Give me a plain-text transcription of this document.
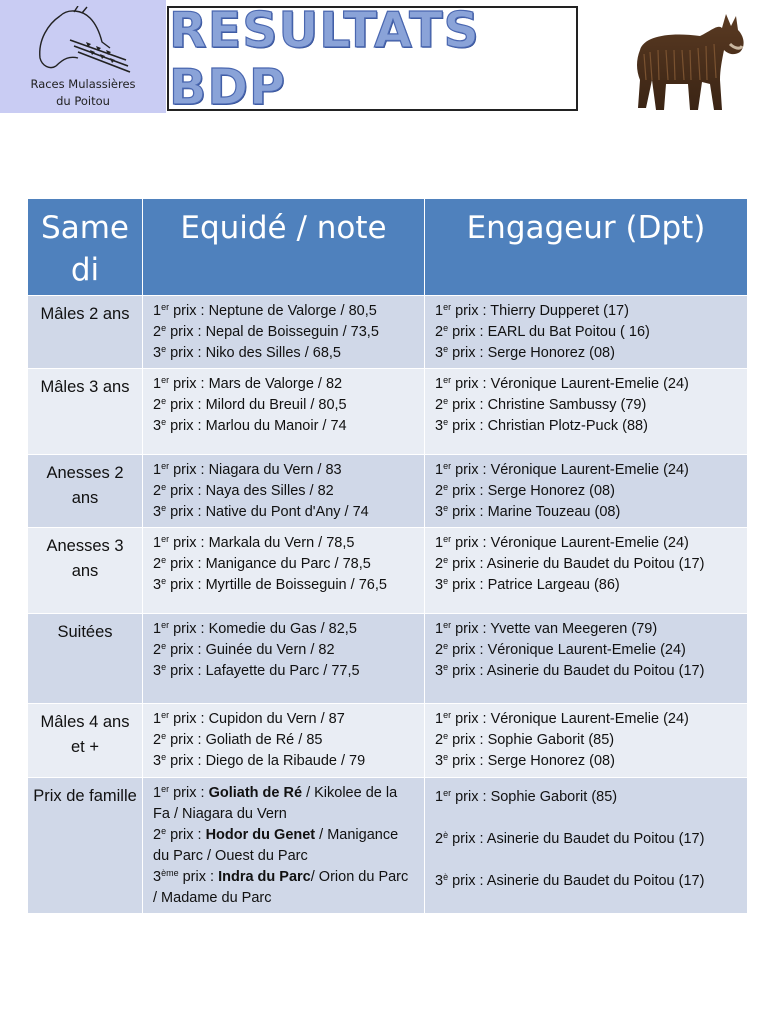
Races Mulassières
du Poitou
RESULTATS BDP
Same di	Equidé / note	Engageur (Dpt)
Mâles 2 ans	1er prix : Neptune de Valorge / 80,5
2e prix : Nepal de Boisseguin / 73,5
3e prix : Niko des Silles / 68,5	1er prix : Thierry Dupperet (17)
2e prix : EARL du Bat Poitou ( 16)
3e prix : Serge Honorez (08)

Mâles 3 ans	1er prix : Mars de Valorge / 82
2e prix : Milord du Breuil / 80,5
3e prix : Marlou du Manoir / 74	1er prix : Véronique Laurent-Emelie (24)
2e prix : Christine Sambussy (79)
3e prix : Christian Plotz-Puck (88)

Anesses 2 ans	1er prix : Niagara du Vern / 83
2e prix : Naya des Silles / 82
3e prix : Native du Pont d'Any / 74	1er prix : Véronique Laurent-Emelie (24)
2e prix : Serge Honorez (08)
3e prix : Marine Touzeau (08)

Anesses 3 ans	1er prix : Markala du Vern / 78,5
2e prix : Manigance du Parc / 78,5
3e prix : Myrtille de Boisseguin / 76,5	1er prix : Véronique Laurent-Emelie (24)
2e prix : Asinerie du Baudet du Poitou (17)
3e prix : Patrice Largeau (86)

Suitées	1er prix : Komedie du Gas / 82,5
2e prix : Guinée du Vern / 82
3e prix : Lafayette du Parc / 77,5	1er prix : Yvette van Meegeren (79)
2e prix : Véronique Laurent-Emelie (24)
3e prix : Asinerie du Baudet du Poitou (17)

Mâles 4 ans et +	1er prix : Cupidon du Vern / 87
2e prix : Goliath de Ré / 85
3e prix : Diego de la Ribaude / 79	1er prix : Véronique Laurent-Emelie (24)
2e prix : Sophie Gaborit (85)
3e prix : Serge Honorez (08)

Prix de famille	1er prix : Goliath de Ré / Kikolee de la Fa / Niagara du Vern
2e prix : Hodor du Genet / Manigance du Parc / Ouest du Parc
3ème prix : Indra du Parc/ Orion du Parc / Madame du Parc	1er prix : Sophie Gaborit (85)
$2^è$ prix : Asinerie du Baudet du Poitou (17)
$3^è$ prix : Asinerie du Baudet du Poitou (17)
